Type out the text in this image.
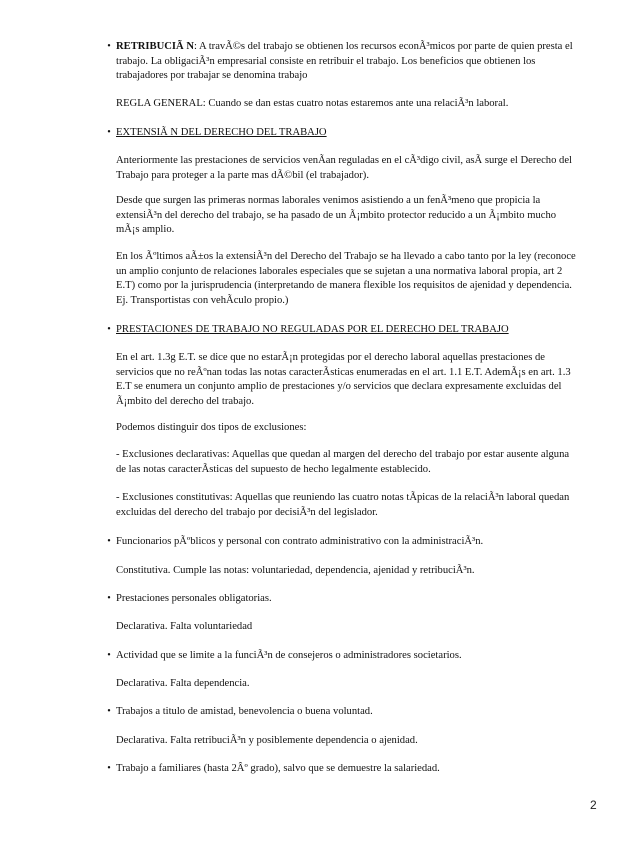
• RETRIBUCIÃ N: A travÃ©s del trabajo se obtienen los recursos econÃ³micos por parte de quien presta el trabajo. La obligaciÃ³n empresarial consiste en retribuir el trabajo. Los beneficios que obtienen los trabajadores por trabajar se denomina trabajo

REGLA GENERAL: Cuando se dan estas cuatro notas estaremos ante una relaciÃ³n laboral.

• EXTENSIÃ N DEL DERECHO DEL TRABAJO

Anteriormente las prestaciones de servicios venÃan reguladas en el cÃ³digo civil, asÃ surge el Derecho del Trabajo para proteger a la parte mas dÃ©bil (el trabajador).

Desde que surgen las primeras normas laborales venimos asistiendo a un fenÃ³meno que propicia la extensiÃ³n del derecho del trabajo, se ha pasado de un Ã¡mbito protector reducido a un Ã¡mbito mucho mÃ¡s amplio.

En los Ãºltimos aÃ±os la extensiÃ³n del Derecho del Trabajo se ha llevado a cabo tanto por la ley (reconoce un amplio conjunto de relaciones laborales especiales que se sujetan a una normativa laboral propia, art 2 E.T) como por la jurisprudencia (interpretando de manera flexible los requisitos de ajenidad y dependencia. Ej. Transportistas con vehÃculo propio.)

• PRESTACIONES DE TRABAJO NO REGULADAS POR EL DERECHO DEL TRABAJO

En el art. 1.3g E.T. se dice que no estarÃ¡n protegidas por el derecho laboral aquellas prestaciones de servicios que no reÃºnan todas las notas caracterÃsticas enumeradas en el art. 1.1 E.T. AdemÃ¡s en art. 1.3 E.T se enumera un conjunto amplio de prestaciones y/o servicios que declara expresamente excluidas del Ã¡mbito del derecho del trabajo.

Podemos distinguir dos tipos de exclusiones:

- Exclusiones declarativas: Aquellas que quedan al margen del derecho del trabajo por estar ausente alguna de las notas caracterÃsticas del supuesto de hecho legalmente establecido.

- Exclusiones constitutivas: Aquellas que reuniendo las cuatro notas tÃpicas de la relaciÃ³n laboral quedan excluidas del derecho del trabajo por decisiÃ³n del legislador.

• Funcionarios pÃºblicos y personal con contrato administrativo con la administraciÃ³n.

Constitutiva. Cumple las notas: voluntariedad, dependencia, ajenidad y retribuciÃ³n.

• Prestaciones personales obligatorias.

Declarativa. Falta voluntariedad

• Actividad que se limite a la funciÃ³n de consejeros o administradores societarios.

Declarativa. Falta dependencia.

• Trabajos a titulo de amistad, benevolencia o buena voluntad.

Declarativa. Falta retribuciÃ³n y posiblemente dependencia o ajenidad.

• Trabajo a familiares (hasta 2Âº grado), salvo que se demuestre la salariedad.

2
